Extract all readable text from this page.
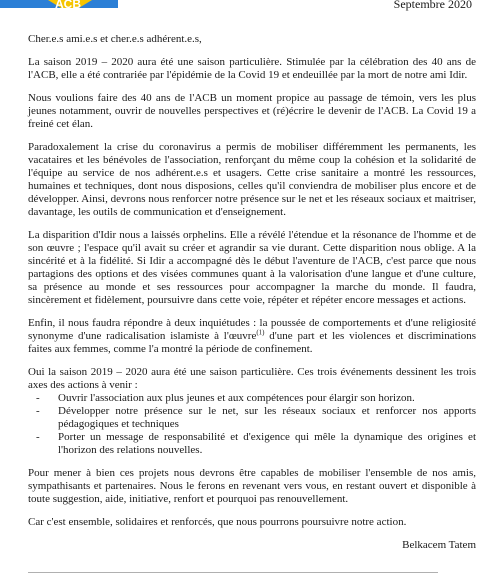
ACB	Septembre 2020

Cher.e.s ami.e.s et cher.e.s adhérent.e.s,

La saison 2019 – 2020 aura été une saison particulière. Stimulée par la célébration des 40 ans de l'ACB, elle a été contrariée par l'épidémie de la Covid 19 et endeuillée par la mort de notre ami Idir.

Nous voulions faire des 40 ans de l'ACB un moment propice au passage de témoin, vers les plus jeunes notamment, ouvrir de nouvelles perspectives et (ré)écrire le devenir de l'ACB. La Covid 19 a freiné cet élan.

Paradoxalement la crise du coronavirus a permis de mobiliser différemment les permanents, les vacataires et les bénévoles de l'association, renforçant du même coup la cohésion et la solidarité de l'équipe au service de nos adhérent.e.s et usagers. Cette crise sanitaire a montré les ressources, humaines et techniques, dont nous disposions, celles qu'il conviendra de mobiliser plus encore et de développer. Ainsi, devrons nous renforcer notre présence sur le net et les réseaux sociaux et maitriser, davantage, les outils de communication et d'enseignement.

La disparition d'Idir nous a laissés orphelins. Elle a révélé l'étendue et la résonance de l'homme et de son œuvre ; l'espace qu'il avait su créer et agrandir sa vie durant. Cette disparition nous oblige. A la sincérité et à la fidélité. Si Idir a accompagné dès le début l'aventure de l'ACB, c'est parce que nous partagions des options et des visées communes quant à la valorisation d'une langue et d'une culture, sa présence au monde et ses ressources pour accompagner la marche du monde. Il faudra, sincèrement et fidèlement, poursuivre dans cette voie, répéter et répéter encore messages et actions.

Enfin, il nous faudra répondre à deux inquiétudes : la poussée de comportements et d'une religiosité synonyme d'une radicalisation islamiste à l'œuvre$^{(1)}$ d'une part et les violences et discriminations faites aux femmes, comme l'a montré la période de confinement.

Oui la saison 2019 – 2020 aura été une saison particulière. Ces trois événements dessinent les trois axes des actions à venir :

- Ouvrir l'association aux plus jeunes et aux compétences pour élargir son horizon.
- Développer notre présence sur le net, sur les réseaux sociaux et renforcer nos apports pédagogiques et techniques
- Porter un message de responsabilité et d'exigence qui mêle la dynamique des origines et l'horizon des relations nouvelles.

Pour mener à bien ces projets nous devrons être capables de mobiliser l'ensemble de nos amis, sympathisants et partenaires. Nous le ferons en revenant vers vous, en restant ouvert et disponible à toute suggestion, aide, initiative, renfort et pourquoi pas renouvellement.

Car c'est ensemble, solidaires et renforcés, que nous pourrons poursuivre notre action.

Belkacem Tatem
